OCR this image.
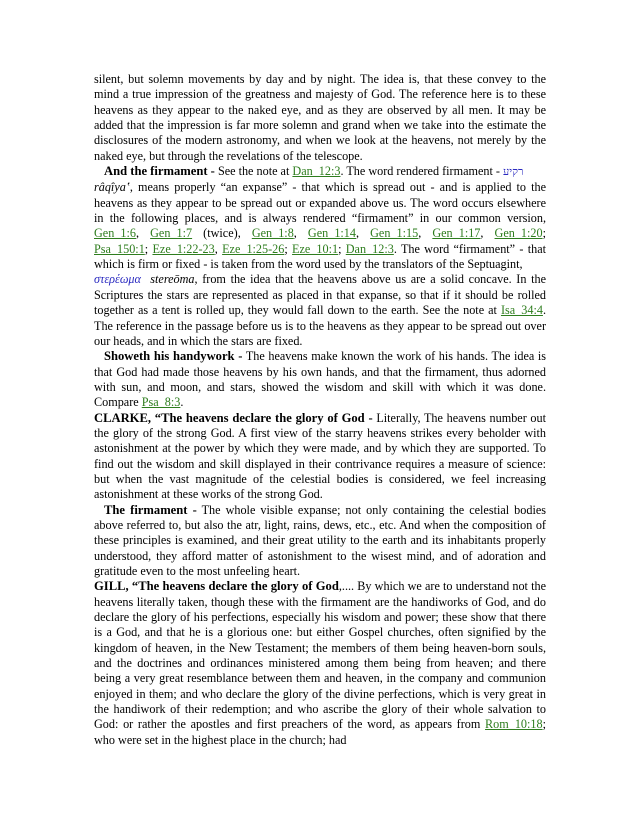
silent, but solemn movements by day and by night. The idea is, that these convey to the mind a true impression of the greatness and majesty of God. The reference here is to these heavens as they appear to the naked eye, and as they are observed by all men. It may be added that the impression is far more solemn and grand when we take into the estimate the disclosures of the modern astronomy, and when we look at the heavens, not merely by the naked eye, but through the revelations of the telescope.

And the firmament - See the note at Dan_12:3. The word rendered firmament - רקיע
râqîya‛, means properly “an expanse” - that which is spread out - and is applied to the heavens as they appear to be spread out or expanded above us. The word occurs elsewhere in the following places, and is always rendered “firmament” in our common version, Gen_1:6, Gen_1:7 (twice), Gen_1:8, Gen_1:14, Gen_1:15, Gen_1:17, Gen_1:20; Psa_150:1; Eze_1:22-23, Eze_1:25-26; Eze_10:1; Dan_12:3. The word “firmament” - that which is firm or fixed - is taken from the word used by the translators of the Septuagint,
στερέωμα stereōma, from the idea that the heavens above us are a solid concave. In the Scriptures the stars are represented as placed in that expanse, so that if it should be rolled together as a tent is rolled up, they would fall down to the earth. See the note at Isa_34:4. The reference in the passage before us is to the heavens as they appear to be spread out over our heads, and in which the stars are fixed.

Showeth his handywork - The heavens make known the work of his hands. The idea is that God had made those heavens by his own hands, and that the firmament, thus adorned with sun, and moon, and stars, showed the wisdom and skill with which it was done. Compare Psa_8:3.

CLARKE, “The heavens declare the glory of God - Literally, The heavens number out the glory of the strong God. A first view of the starry heavens strikes every beholder with astonishment at the power by which they were made, and by which they are supported. To find out the wisdom and skill displayed in their contrivance requires a measure of science: but when the vast magnitude of the celestial bodies is considered, we feel increasing astonishment at these works of the strong God.

The firmament - The whole visible expanse; not only containing the celestial bodies above referred to, but also the atr, light, rains, dews, etc., etc. And when the composition of these principles is examined, and their great utility to the earth and its inhabitants properly understood, they afford matter of astonishment to the wisest mind, and of adoration and gratitude even to the most unfeeling heart.

GILL, “The heavens declare the glory of God,.... By which we are to understand not the heavens literally taken, though these with the firmament are the handiworks of God, and do declare the glory of his perfections, especially his wisdom and power; these show that there is a God, and that he is a glorious one: but either Gospel churches, often signified by the kingdom of heaven, in the New Testament; the members of them being heaven-born souls, and the doctrines and ordinances ministered among them being from heaven; and there being a very great resemblance between them and heaven, in the company and communion enjoyed in them; and who declare the glory of the divine perfections, which is very great in the handiwork of their redemption; and who ascribe the glory of their whole salvation to God: or rather the apostles and first preachers of the word, as appears from Rom_10:18; who were set in the highest place in the church; had
